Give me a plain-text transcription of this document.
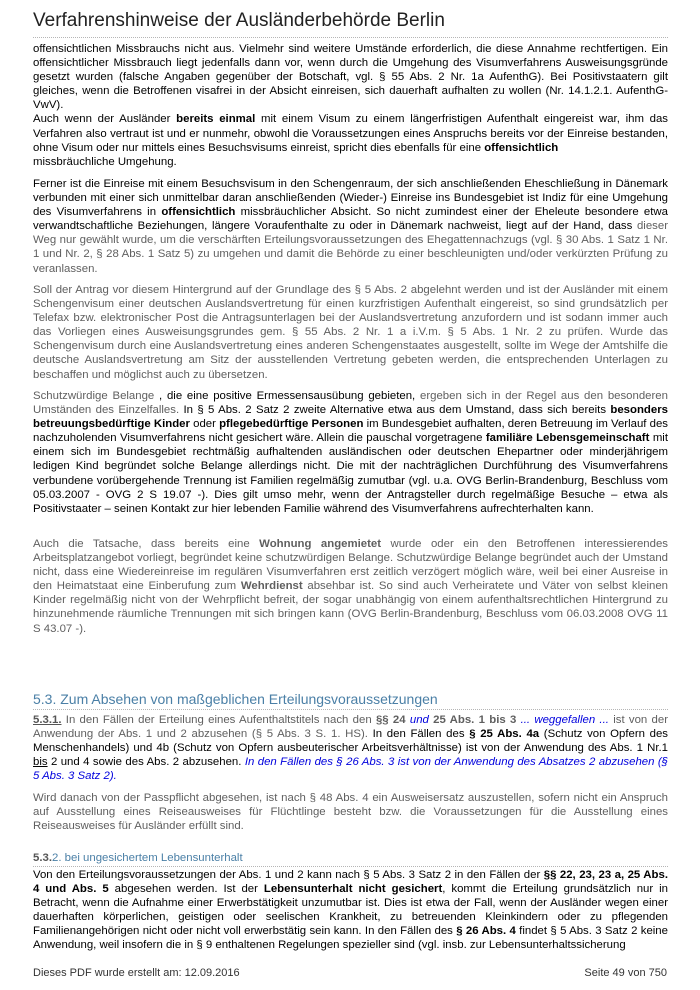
Verfahrenshinweise der Ausländerbehörde Berlin
offensichtlichen Missbrauchs nicht aus. Vielmehr sind weitere Umstände erforderlich, die diese Annahme rechtfertigen. Ein offensichtlicher Missbrauch liegt jedenfalls dann vor, wenn durch die Umgehung des Visumverfahrens Ausweisungsgründe gesetzt wurden (falsche Angaben gegenüber der Botschaft, vgl. § 55 Abs. 2 Nr. 1a AufenthG). Bei Positivstaatern gilt gleiches, wenn die Betroffenen visafrei in der Absicht einreisen, sich dauerhaft aufhalten zu wollen (Nr. 14.1.2.1. AufenthG-VwV).
Auch wenn der Ausländer bereits einmal mit einem Visum zu einem längerfristigen Aufenthalt eingereist war, ihm das Verfahren also vertraut ist und er nunmehr, obwohl die Voraussetzungen eines Anspruchs bereits vor der Einreise bestanden, ohne Visum oder nur mittels eines Besuchsvisums einreist, spricht dies ebenfalls für eine offensichtlich
missbräuchliche Umgehung.
Ferner ist die Einreise mit einem Besuchsvisum in den Schengenraum, der sich anschließenden Eheschließung in Dänemark verbunden mit einer sich unmittelbar daran anschließenden (Wieder-) Einreise ins Bundesgebiet ist Indiz für eine Umgehung des Visumverfahrens in offensichtlich missbräuchlicher Absicht. So nicht zumindest einer der Eheleute besondere etwa verwandtschaftliche Beziehungen, längere Voraufenthalte zu oder in Dänemark nachweist, liegt auf der Hand, dass dieser Weg nur gewählt wurde, um die verschärften Erteilungsvoraussetzungen des Ehegattennachzugs (vgl. § 30 Abs. 1 Satz 1 Nr. 1 und Nr. 2, § 28 Abs. 1 Satz 5) zu umgehen und damit die Behörde zu einer beschleunigten und/oder verkürzten Prüfung zu veranlassen.
Soll der Antrag vor diesem Hintergrund auf der Grundlage des § 5 Abs. 2 abgelehnt werden und ist der Ausländer mit einem Schengenvisum einer deutschen Auslandsvertretung für einen kurzfristigen Aufenthalt eingereist, so sind grundsätzlich per Telefax bzw. elektronischer Post die Antragsunterlagen bei der Auslandsvertretung anzufordern und ist sodann immer auch das Vorliegen eines Ausweisungsgrundes gem. § 55 Abs. 2 Nr. 1 a i.V.m. § 5 Abs. 1 Nr. 2 zu prüfen. Wurde das Schengenvisum durch eine Auslandsvertretung eines anderen Schengenstaates ausgestellt, sollte im Wege der Amtshilfe die deutsche Auslandsvertretung am Sitz der ausstellenden Vertretung gebeten werden, die entsprechenden Unterlagen zu beschaffen und möglichst auch zu übersetzen.
Schutzwürdige Belange , die eine positive Ermessensausübung gebieten, ergeben sich in der Regel aus den besonderen Umständen des Einzelfalles. In § 5 Abs. 2 Satz 2 zweite Alternative etwa aus dem Umstand, dass sich bereits besonders betreuungsbedürftige Kinder oder pflegebedürftige Personen im Bundesgebiet aufhalten, deren Betreuung im Verlauf des nachzuholenden Visumverfahrens nicht gesichert wäre. Allein die pauschal vorgetragene familiäre Lebensgemeinschaft mit einem sich im Bundesgebiet rechtmäßig aufhaltenden ausländischen oder deutschen Ehepartner oder minderjährigem ledigen Kind begründet solche Belange allerdings nicht. Die mit der nachträglichen Durchführung des Visumverfahrens verbundene vorübergehende Trennung ist Familien regelmäßig zumutbar (vgl. u.a. OVG Berlin-Brandenburg, Beschluss vom 05.03.2007 - OVG 2 S 19.07 -). Dies gilt umso mehr, wenn der Antragsteller durch regelmäßige Besuche – etwa als Positivstaater – seinen Kontakt zur hier lebenden Familie während des Visumverfahrens aufrechterhalten kann.
Auch die Tatsache, dass bereits eine Wohnung angemietet wurde oder ein den Betroffenen interessierendes Arbeitsplatzangebot vorliegt, begründet keine schutzwürdigen Belange. Schutzwürdige Belange begründet auch der Umstand nicht, dass eine Wiedereinreise im regulären Visumverfahren erst zeitlich verzögert möglich wäre, weil bei einer Ausreise in den Heimatstaat eine Einberufung zum Wehrdienst absehbar ist. So sind auch Verheiratete und Väter von selbst kleinen Kinder regelmäßig nicht von der Wehrpflicht befreit, der sogar unabhängig von einem aufenthaltsrechtlichen Hintergrund zu hinzunehmende räumliche Trennungen mit sich bringen kann (OVG Berlin-Brandenburg, Beschluss vom 06.03.2008 OVG 11 S 43.07 -).
5.3. Zum Absehen von maßgeblichen Erteilungsvoraussetzungen
5.3.1. In den Fällen der Erteilung eines Aufenthaltstitels nach den §§ 24 und 25 Abs. 1 bis 3 ... weggefallen ... ist von der Anwendung der Abs. 1 und 2 abzusehen (§ 5 Abs. 3 S. 1. HS). In den Fällen des § 25 Abs. 4a (Schutz von Opfern des Menschenhandels) und 4b (Schutz von Opfern ausbeuterischer Arbeitsverhältnisse) ist von der Anwendung des Abs. 1 Nr.1 bis 2 und 4 sowie des Abs. 2 abzusehen. In den Fällen des § 26 Abs. 3 ist von der Anwendung des Absatzes 2 abzusehen (§ 5 Abs. 3 Satz 2).
Wird danach von der Passpflicht abgesehen, ist nach § 48 Abs. 4 ein Ausweisersatz auszustellen, sofern nicht ein Anspruch auf Ausstellung eines Reiseausweises für Flüchtlinge besteht bzw. die Voraussetzungen für die Ausstellung eines Reiseausweises für Ausländer erfüllt sind.
5.3.2. bei ungesichertem Lebensunterhalt
Von den Erteilungsvoraussetzungen der Abs. 1 und 2 kann nach § 5 Abs. 3 Satz 2 in den Fällen der §§ 22, 23, 23 a, 25 Abs. 4 und Abs. 5 abgesehen werden. Ist der Lebensunterhalt nicht gesichert, kommt die Erteilung grundsätzlich nur in Betracht, wenn die Aufnahme einer Erwerbstätigkeit unzumutbar ist. Dies ist etwa der Fall, wenn der Ausländer wegen einer dauerhaften körperlichen, geistigen oder seelischen Krankheit, zu betreuenden Kleinkindern oder zu pflegenden Familienangehörigen nicht oder nicht voll erwerbstätig sein kann. In den Fällen des § 26 Abs. 4 findet § 5 Abs. 3 Satz 2 keine Anwendung, weil insofern die in § 9 enthaltenen Regelungen spezieller sind (vgl. insb. zur Lebensunterhaltssicherung
Dieses PDF wurde erstellt am: 12.09.2016	Seite 49 von 750
